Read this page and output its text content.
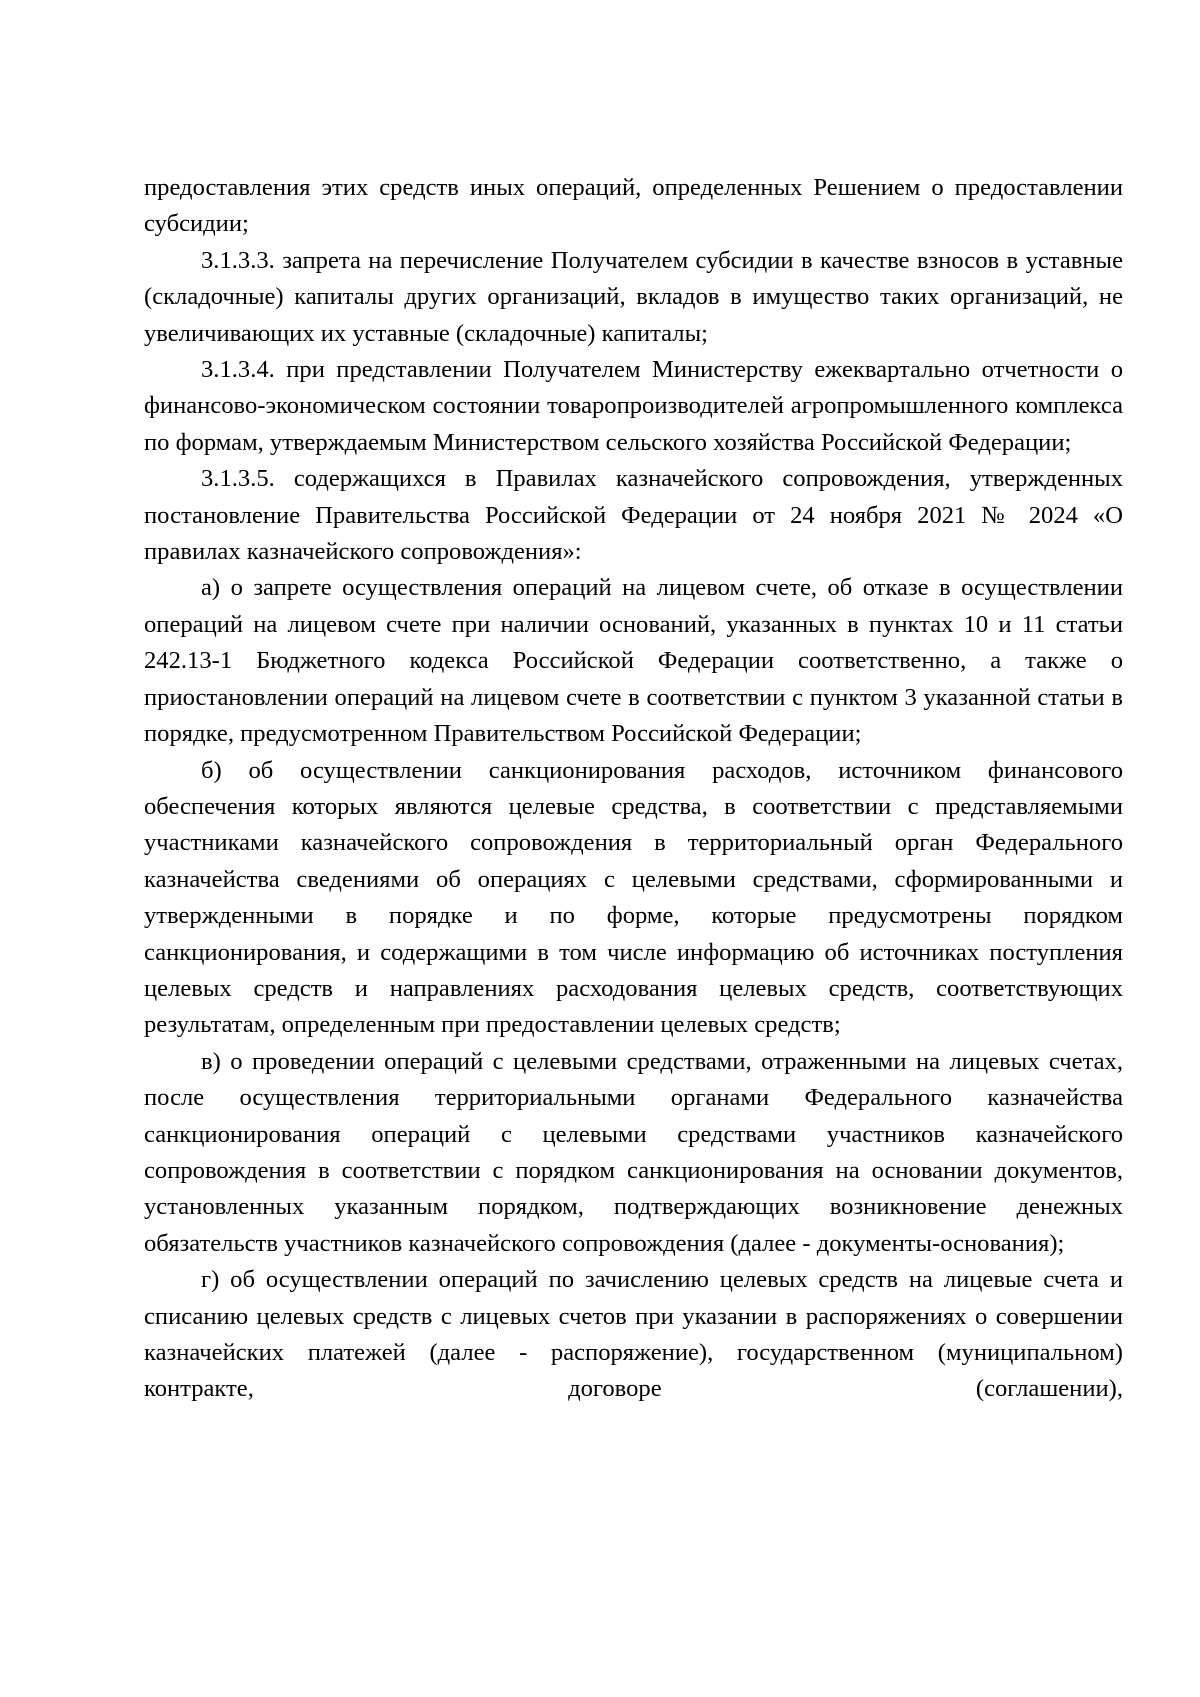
предоставления этих средств иных операций, определенных Решением о предоставлении субсидии;

3.1.3.3. запрета на перечисление Получателем субсидии в качестве взносов в уставные (складочные) капиталы других организаций, вкладов в имущество таких организаций, не увеличивающих их уставные (складочные) капиталы;

3.1.3.4. при представлении Получателем Министерству ежеквартально отчетности о финансово-экономическом состоянии товаропроизводителей агропромышленного комплекса по формам, утверждаемым Министерством сельского хозяйства Российской Федерации;

3.1.3.5. содержащихся в Правилах казначейского сопровождения, утвержденных постановление Правительства Российской Федерации от 24 ноября 2021 № 2024 «О правилах казначейского сопровождения»:

а) о запрете осуществления операций на лицевом счете, об отказе в осуществлении операций на лицевом счете при наличии оснований, указанных в пунктах 10 и 11 статьи 242.13-1 Бюджетного кодекса Российской Федерации соответственно, а также о приостановлении операций на лицевом счете в соответствии с пунктом 3 указанной статьи в порядке, предусмотренном Правительством Российской Федерации;

б) об осуществлении санкционирования расходов, источником финансового обеспечения которых являются целевые средства, в соответствии с представляемыми участниками казначейского сопровождения в территориальный орган Федерального казначейства сведениями об операциях с целевыми средствами, сформированными и утвержденными в порядке и по форме, которые предусмотрены порядком санкционирования, и содержащими в том числе информацию об источниках поступления целевых средств и направлениях расходования целевых средств, соответствующих результатам, определенным при предоставлении целевых средств;

в) о проведении операций с целевыми средствами, отраженными на лицевых счетах, после осуществления территориальными органами Федерального казначейства санкционирования операций с целевыми средствами участников казначейского сопровождения в соответствии с порядком санкционирования на основании документов, установленных указанным порядком, подтверждающих возникновение денежных обязательств участников казначейского сопровождения (далее - документы-основания);

г) об осуществлении операций по зачислению целевых средств на лицевые счета и списанию целевых средств с лицевых счетов при указании в распоряжениях о совершении казначейских платежей (далее - распоряжение), государственном (муниципальном) контракте, договоре (соглашении),
